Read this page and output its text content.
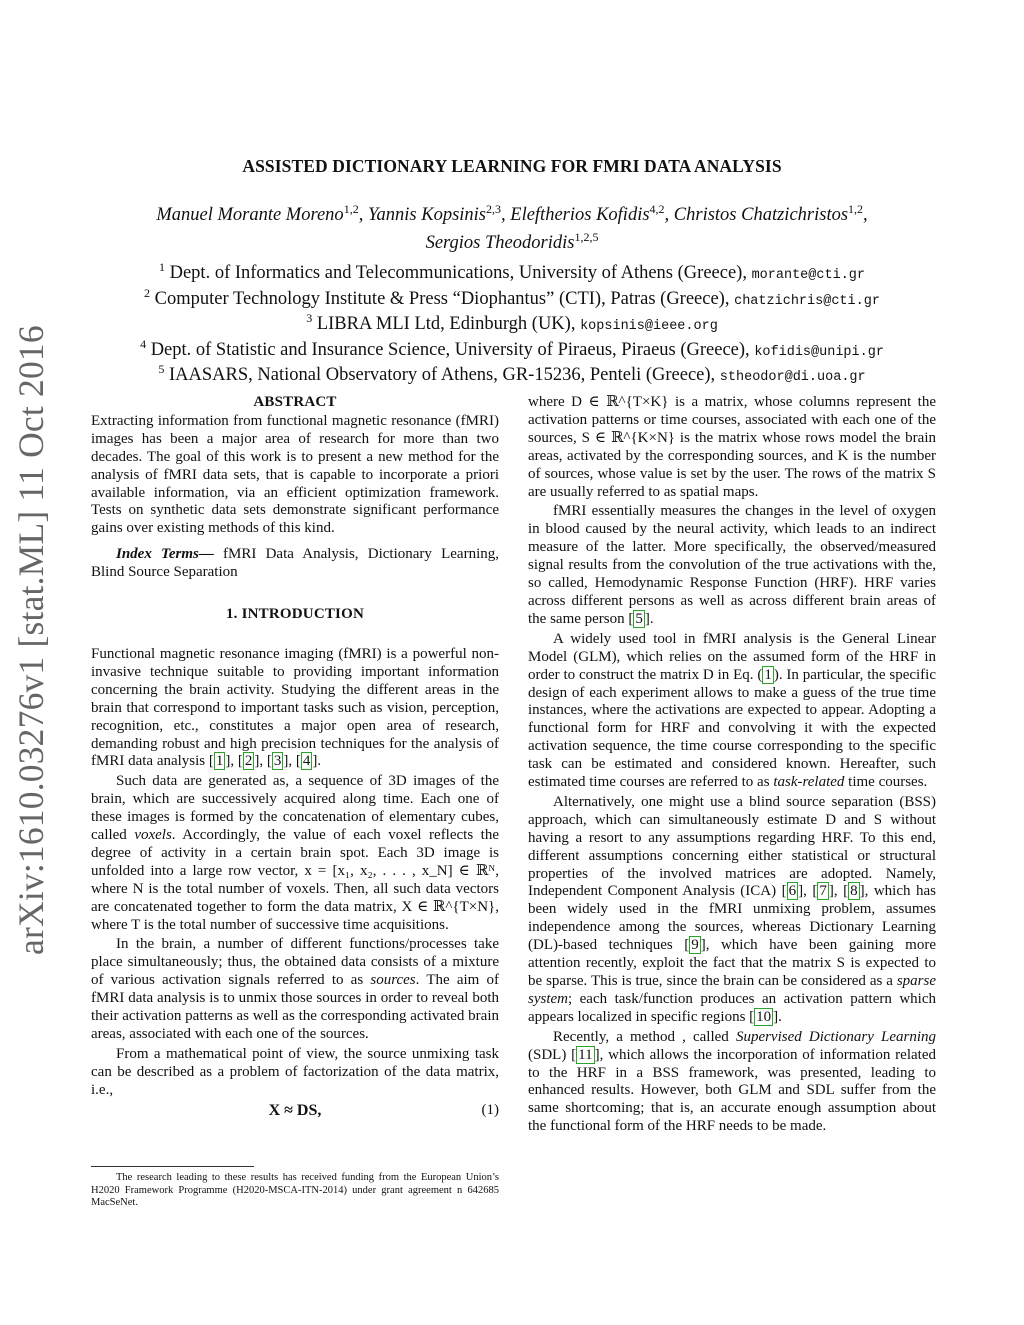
arXiv:1610.03276v1 [stat.ML] 11 Oct 2016
ASSISTED DICTIONARY LEARNING FOR FMRI DATA ANALYSIS
Manuel Morante Moreno$^{1,2}$, Yannis Kopsinis$^{2,3}$, Eleftherios Kofidis$^{4,2}$, Christos Chatzichristos$^{1,2}$,
Sergios Theodoridis$^{1,2,5}$
$^1$ Dept. of Informatics and Telecommunications, University of Athens (Greece), morante@cti.gr
$^2$ Computer Technology Institute & Press “Diophantus” (CTI), Patras (Greece), chatzichris@cti.gr
$^3$ LIBRA MLI Ltd, Edinburgh (UK), kopsinis@ieee.org
$^4$ Dept. of Statistic and Insurance Science, University of Piraeus, Piraeus (Greece), kofidis@unipi.gr
$^5$ IAASARS, National Observatory of Athens, GR-15236, Penteli (Greece), stheodor@di.uoa.gr
ABSTRACT

Extracting information from functional magnetic resonance (fMRI) images has been a major area of research for more than two decades. The goal of this work is to present a new method for the analysis of fMRI data sets, that is capable to incorporate a priori available information, via an efficient optimization framework. Tests on synthetic data sets demonstrate significant performance gains over existing methods of this kind.

Index Terms— fMRI Data Analysis, Dictionary Learning, Blind Source Separation

1. INTRODUCTION

Functional magnetic resonance imaging (fMRI) is a powerful non-invasive technique suitable to providing important information concerning the brain activity. Studying the different areas in the brain that correspond to important tasks such as vision, perception, recognition, etc., constitutes a major open area of research, demanding robust and high precision techniques for the analysis of fMRI data analysis [ 1 ], [ 2 ], [ 3 ], [ 4 ].

Such data are generated as, a sequence of 3D images of the brain, which are successively acquired along time. Each one of these images is formed by the concatenation of elementary cubes, called voxels. Accordingly, the value of each voxel reflects the degree of activity in a certain brain spot. Each 3D image is unfolded into a large row vector, x = [x₁, x₂, . . . , x_N] ∈ ℝᴺ, where N is the total number of voxels. Then, all such data vectors are concatenated together to form the data matrix, X ∈ ℝ^{T×N}, where T is the total number of successive time acquisitions.

In the brain, a number of different functions/processes take place simultaneously; thus, the obtained data consists of a mixture of various activation signals referred to as sources. The aim of fMRI data analysis is to unmix those sources in order to reveal both their activation patterns as well as the corresponding activated brain areas, associated with each one of the sources.

From a mathematical point of view, the source unmixing task can be described as a problem of factorization of the data matrix, i.e.,

X ≈ DS,	(1)
The research leading to these results has received funding from the European Union’s H2020 Framework Programme (H2020-MSCA-ITN-2014) under grant agreement n 642685 MacSeNet.

where D ∈ ℝ^{T×K} is a matrix, whose columns represent the activation patterns or time courses, associated with each one of the sources, S ∈ ℝ^{K×N} is the matrix whose rows model the brain areas, activated by the corresponding sources, and K is the number of sources, whose value is set by the user. The rows of the matrix S are usually referred to as spatial maps.

fMRI essentially measures the changes in the level of oxygen in blood caused by the neural activity, which leads to an indirect measure of the latter. More specifically, the observed/measured signal results from the convolution of the true activations with the, so called, Hemodynamic Response Function (HRF). HRF varies across different persons as well as across different brain areas of the same person [ 5 ].

A widely used tool in fMRI analysis is the General Linear Model (GLM), which relies on the assumed form of the HRF in order to construct the matrix D in Eq. ( 1 ). In particular, the specific design of each experiment allows to make a guess of the true time instances, where the activations are expected to appear. Adopting a functional form for HRF and convolving it with the expected activation sequence, the time course corresponding to the specific task can be estimated and considered known. Hereafter, such estimated time courses are referred to as task-related time courses.

Alternatively, one might use a blind source separation (BSS) approach, which can simultaneously estimate D and S without having a resort to any assumptions regarding HRF. To this end, different assumptions concerning either statistical or structural properties of the involved matrices are adopted. Namely, Independent Component Analysis (ICA) [ 6 ], [ 7 ], [ 8 ], which has been widely used in the fMRI unmixing problem, assumes independence among the sources, whereas Dictionary Learning (DL)-based techniques [ 9 ], which have been gaining more attention recently, exploit the fact that the matrix S is expected to be sparse. This is true, since the brain can be considered as a sparse system; each task/function produces an activation pattern which appears localized in specific regions [ 10 ].

Recently, a method , called Supervised Dictionary Learning (SDL) [ 11 ], which allows the incorporation of information related to the HRF in a BSS framework, was presented, leading to enhanced results. However, both GLM and SDL suffer from the same shortcoming; that is, an accurate enough assumption about the functional form of the HRF needs to be made.
